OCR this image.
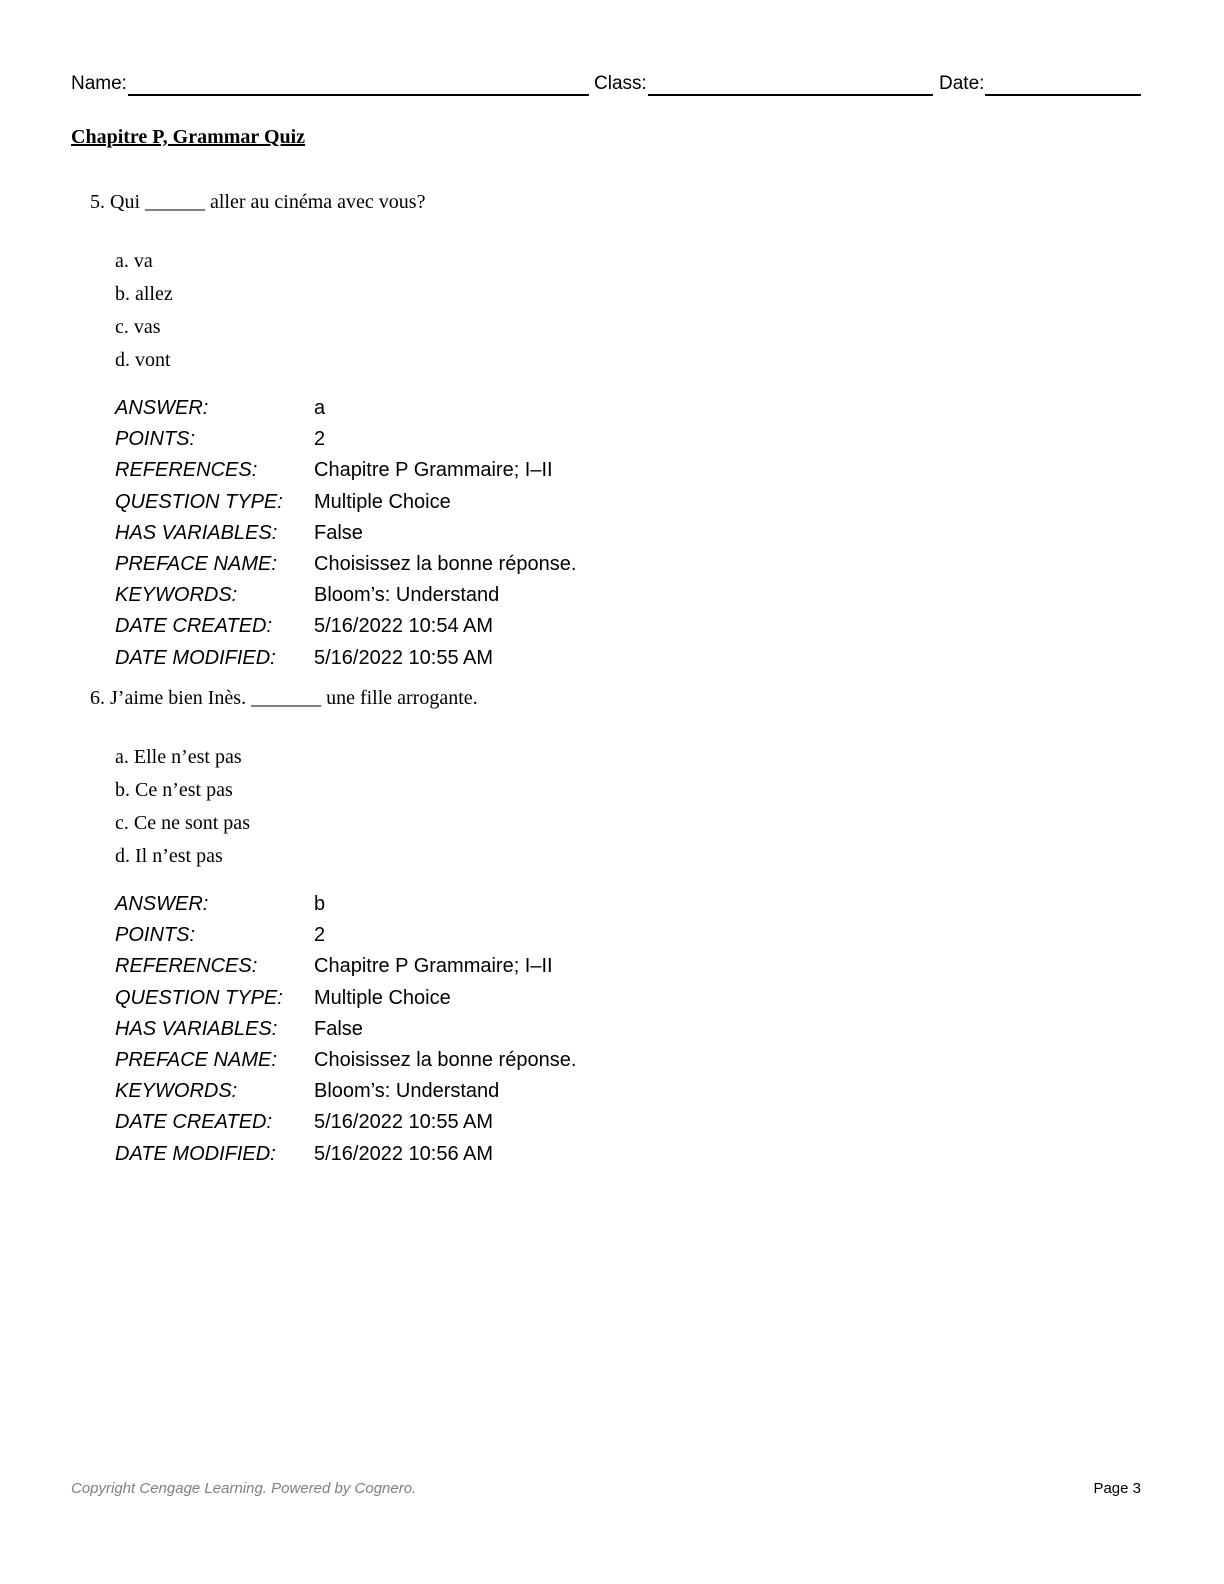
Name:	Class:	Date:
Chapitre P, Grammar Quiz
5. Qui ______ aller au cinéma avec vous?
a. va
b. allez
c. vas
d. vont
ANSWER:	a
POINTS:	2
REFERENCES:	Chapitre P Grammaire; I–II
QUESTION TYPE:	Multiple Choice
HAS VARIABLES:	False
PREFACE NAME:	Choisissez la bonne réponse.
KEYWORDS:	Bloom’s: Understand
DATE CREATED:	5/16/2022 10:54 AM
DATE MODIFIED:	5/16/2022 10:55 AM
6. J’aime bien Inès. _______ une fille arrogante.
a. Elle n’est pas
b. Ce n’est pas
c. Ce ne sont pas
d. Il n’est pas
ANSWER:	b
POINTS:	2
REFERENCES:	Chapitre P Grammaire; I–II
QUESTION TYPE:	Multiple Choice
HAS VARIABLES:	False
PREFACE NAME:	Choisissez la bonne réponse.
KEYWORDS:	Bloom’s: Understand
DATE CREATED:	5/16/2022 10:55 AM
DATE MODIFIED:	5/16/2022 10:56 AM
Copyright Cengage Learning. Powered by Cognero.	Page 3
